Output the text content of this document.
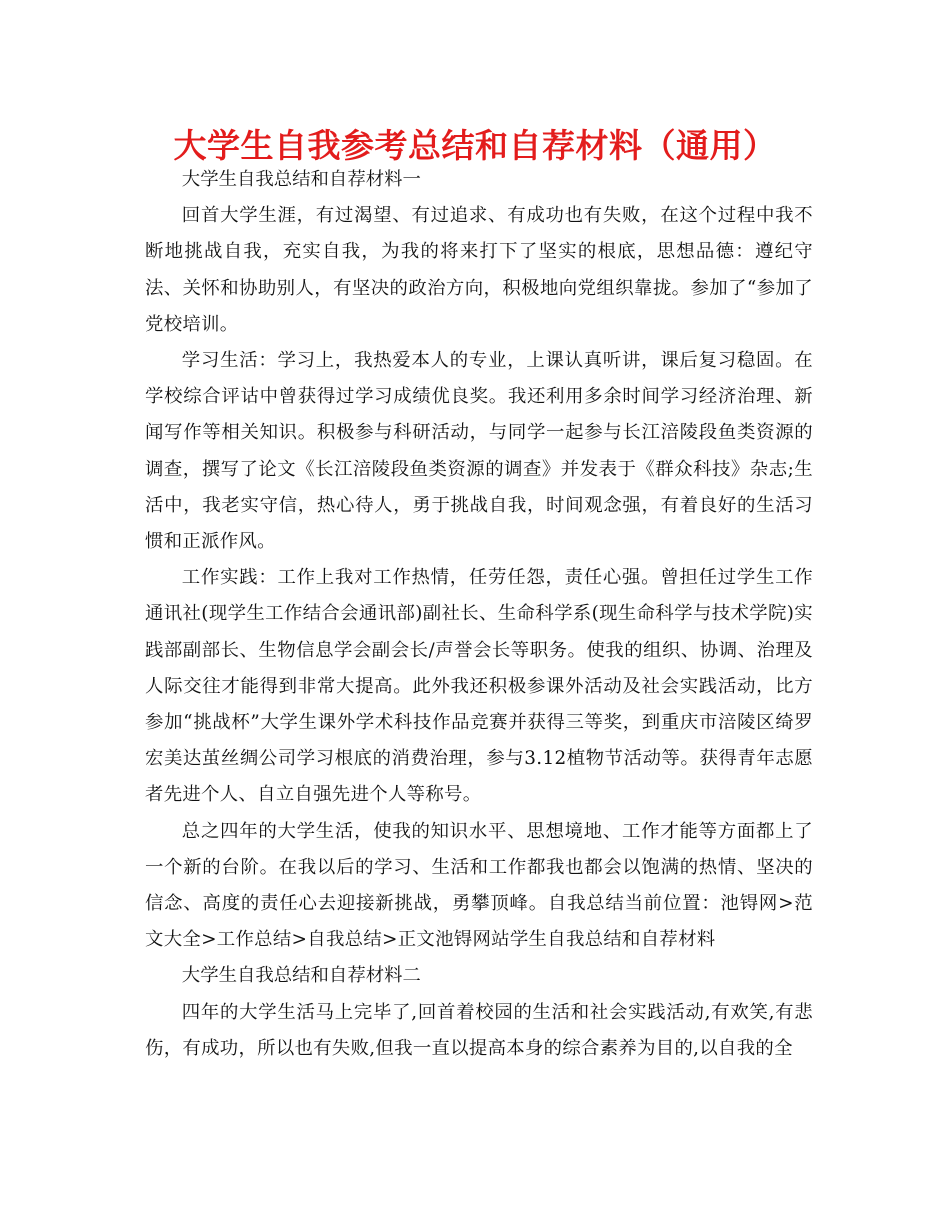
大学生自我参考总结和自荐材料（通用）

大学生自我总结和自荐材料一

回首大学生涯，有过渴望、有过追求、有成功也有失败，在这个过程中我不断地挑战自我，充实自我，为我的将来打下了坚实的根底，思想品德：遵纪守法、关怀和协助别人，有坚决的政治方向，积极地向党组织靠拢。参加了“参加了党校培训。

学习生活：学习上，我热爱本人的专业，上课认真听讲，课后复习稳固。在学校综合评诂中曾获得过学习成绩优良奖。我还利用多余时间学习经济治理、新闻写作等相关知识。积极参与科研活动，与同学一起参与长江涪陵段鱼类资源的调查，撰写了论文《长江涪陵段鱼类资源的调查》并发表于《群众科技》杂志;生活中，我老实守信，热心待人，勇于挑战自我，时间观念强，有着良好的生活习惯和正派作风。

工作实践：工作上我对工作热情，任劳任怨，责任心强。曾担任过学生工作通讯社(现学生工作结合会通讯部)副社长、生命科学系(现生命科学与技术学院)实践部副部长、生物信息学会副会长/声誉会长等职务。使我的组织、协调、治理及人际交往才能得到非常大提高。此外我还积极参课外活动及社会实践活动，比方参加“挑战杯”大学生课外学术科技作品竞赛并获得三等奖，到重庆市涪陵区绮罗宏美达茧丝绸公司学习根底的消费治理，参与3.12植物节活动等。获得青年志愿者先进个人、自立自强先进个人等称号。

总之四年的大学生活，使我的知识水平、思想境地、工作才能等方面都上了一个新的台阶。在我以后的学习、生活和工作都我也都会以饱满的热情、坚决的信念、高度的责任心去迎接新挑战，勇攀顶峰。自我总结当前位置：池锝网>范文大全>工作总结>自我总结>正文池锝网站学生自我总结和自荐材料

大学生自我总结和自荐材料二

四年的大学生活马上完毕了,回首着校园的生活和社会实践活动,有欢笑,有悲伤，有成功，所以也有失败,但我一直以提高本身的综合素养为目的,以自我的全
